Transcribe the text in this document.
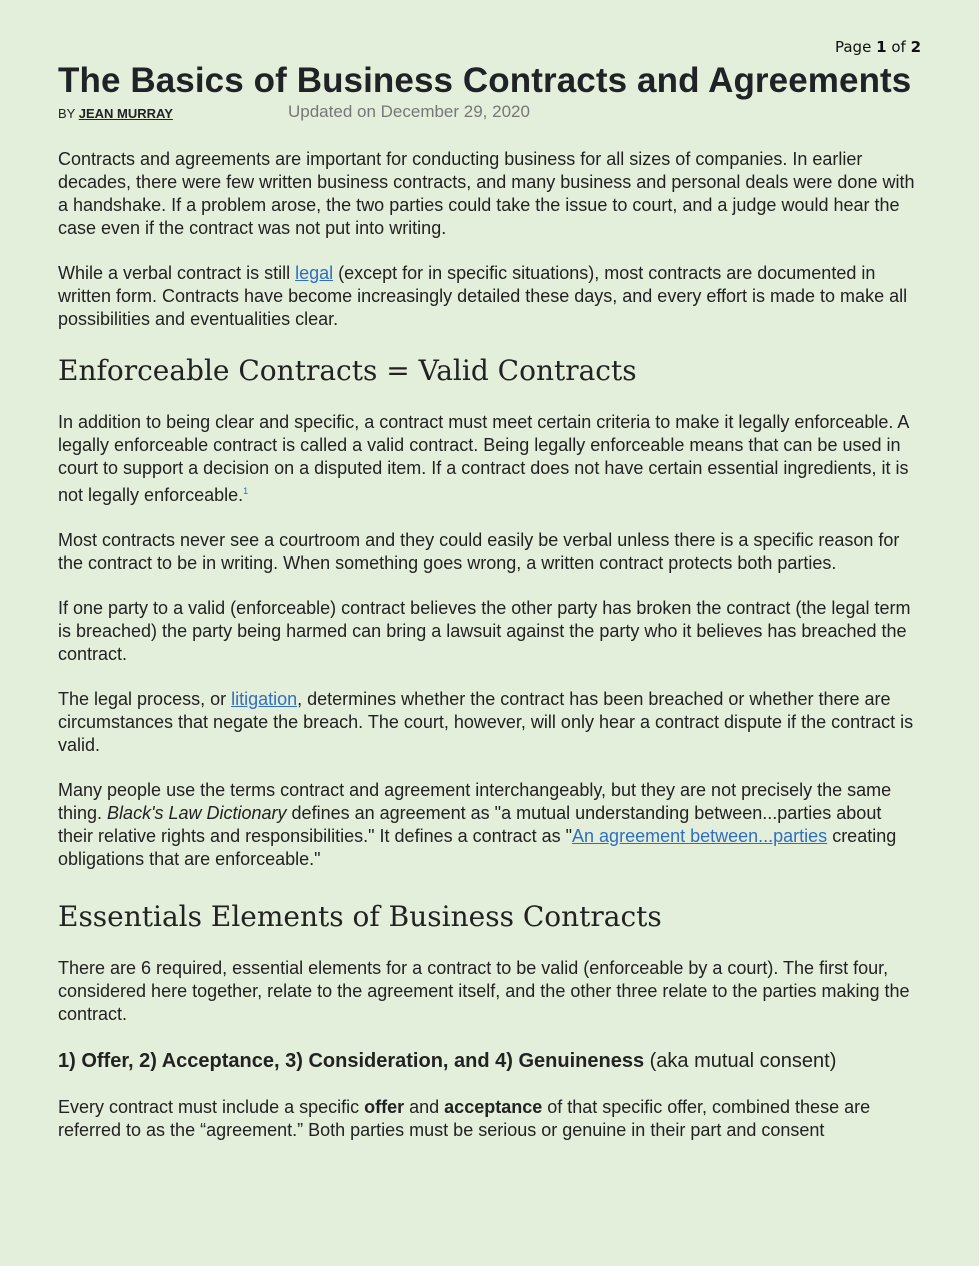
Page 1 of 2
The Basics of Business Contracts and Agreements
BY JEAN MURRAY	Updated on December 29, 2020

Contracts and agreements are important for conducting business for all sizes of companies. In earlier decades, there were few written business contracts, and many business and personal deals were done with a handshake. If a problem arose, the two parties could take the issue to court, and a judge would hear the case even if the contract was not put into writing.

While a verbal contract is still legal (except for in specific situations), most contracts are documented in written form. Contracts have become increasingly detailed these days, and every effort is made to make all possibilities and eventualities clear.

Enforceable Contracts = Valid Contracts

In addition to being clear and specific, a contract must meet certain criteria to make it legally enforceable. A legally enforceable contract is called a valid contract. Being legally enforceable means that can be used in court to support a decision on a disputed item. If a contract does not have certain essential ingredients, it is not legally enforceable.$^1$

Most contracts never see a courtroom and they could easily be verbal unless there is a specific reason for the contract to be in writing. When something goes wrong, a written contract protects both parties.

If one party to a valid (enforceable) contract believes the other party has broken the contract (the legal term is breached) the party being harmed can bring a lawsuit against the party who it believes has breached the contract.

The legal process, or litigation, determines whether the contract has been breached or whether there are circumstances that negate the breach. The court, however, will only hear a contract dispute if the contract is valid.

Many people use the terms contract and agreement interchangeably, but they are not precisely the same thing. Black's Law Dictionary defines an agreement as "a mutual understanding between...parties about their relative rights and responsibilities." It defines a contract as "An agreement between...parties creating obligations that are enforceable."

Essentials Elements of Business Contracts

There are 6 required, essential elements for a contract to be valid (enforceable by a court). The first four, considered here together, relate to the agreement itself, and the other three relate to the parties making the contract.

1) Offer, 2) Acceptance, 3) Consideration, and 4) Genuineness (aka mutual consent)

Every contract must include a specific offer and acceptance of that specific offer, combined these are referred to as the “agreement.” Both parties must be serious or genuine in their part and consent
